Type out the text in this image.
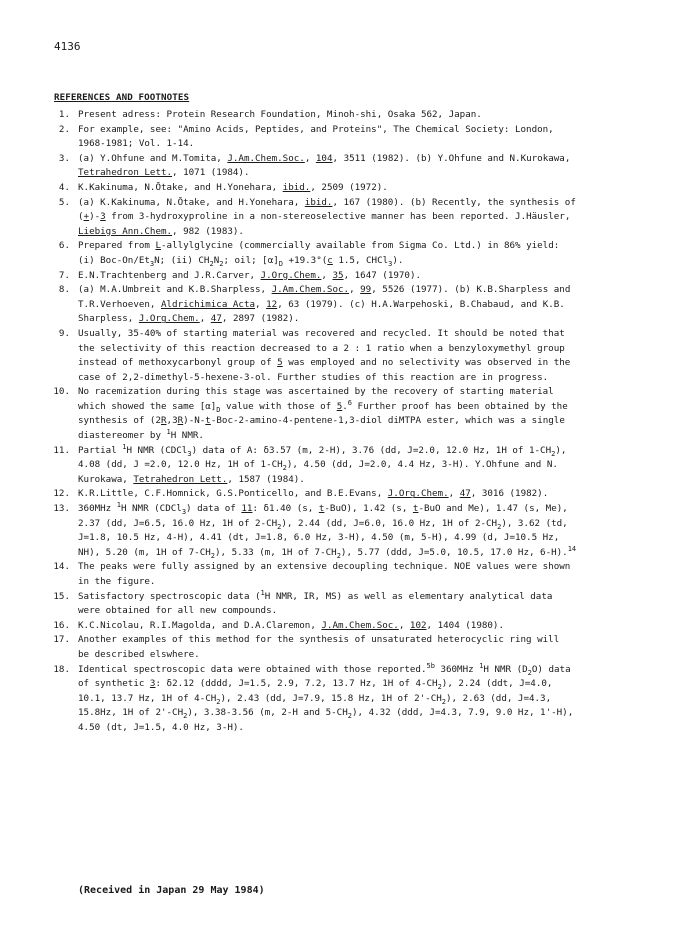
4136
REFERENCES AND FOOTNOTES
1. Present adress: Protein Research Foundation, Minoh-shi, Osaka 562, Japan.
2. For example, see: "Amino Acids, Peptides, and Proteins", The Chemical Society: London,
1968-1981; Vol. 1-14.
3. (a) Y.Ohfune and M.Tomita, J.Am.Chem.Soc., 104, 3511 (1982). (b) Y.Ohfune and N.Kurokawa,
Tetrahedron Lett., 1071 (1984).
4. K.Kakinuma, N.Ōtake, and H.Yonehara, ibid., 2509 (1972).
5. (a) K.Kakinuma, N.Ōtake, and H.Yonehara, ibid., 167 (1980). (b) Recently, the synthesis of
(+)-3 from 3-hydroxyproline in a non-stereoselective manner has been reported. J.Häusler,
Liebigs Ann.Chem., 982 (1983).
6. Prepared from L-allylglycine (commercially available from Sigma Co. Ltd.) in 86% yield:
(i) Boc-$On/Et_3N$; (ii) $CH_2N_2$; oil; $[\alpha]_D +19.3^\circ(c$ 1.5, CHCl$_3$).
7. E.N.Trachtenberg and J.R.Carver, J.Org.Chem., 35, 1647 (1970).
8. (a) M.A.Umbreit and K.B.Sharpless, J.Am.Chem.Soc., 99, 5526 (1977). (b) K.B.Sharpless and
T.R.Verhoeven, Aldrichimica Acta, 12, 63 (1979). (c) H.A.Warpehoski, B.Chabaud, and K.B.
Sharpless, J.Org.Chem., 47, 2897 (1982).
9. Usually, 35-40% of starting material was recovered and recycled. It should be noted that
the selectivity of this reaction decreased to a 2 : 1 ratio when a benzyloxymethyl group
instead of methoxycarbonyl group of 5 was employed and no selectivity was observed in the
case of 2,2-dimethyl-5-hexene-3-ol. Further studies of this reaction are in progress.
10. No racemization during this stage was ascertained by the recovery of starting material
which showed the same $[\alpha]_D$ value with those of 5.$^6$ Further proof has been obtained by the
synthesis of (2R,3R)-N-t-Boc-2-amino-4-pentene-1,3-diol diMTPA ester, which was a single
diastereomer by $^1$H NMR.
11. Partial $^1$H NMR (CDCl$_3$) data of A: δ3.57 (m, 2-H), 3.76 (dd, J=2.0, 12.0 Hz, 1H of $1-CH_2$),
4.08 (dd, J =2.0, 12.0 Hz, 1H of $1-CH_2$), 4.50 (dd, J=2.0, 4.4 Hz, 3-H). Y.Ohfune and N.
Kurokawa, Tetrahedron Lett., 1587 (1984).
12. K.R.Little, C.F.Homnick, G.S.Ponticello, and B.E.Evans, J.Org.Chem., 47, 3016 (1982).
13. 360MHz $^1$H NMR (CDCl$_3$) data of 11: δ1.40 (s, t-BuO), 1.42 (s, t-BuO and Me), 1.47 (s, Me),
2.37 (dd, J=6.5, 16.0 Hz, 1H of $2-CH_2$), 2.44 (dd, J=6.0, 16.0 Hz, 1H of $2-CH_2$), 3.62 (td,
J=1.8, 10.5 Hz, 4-H), 4.41 (dt, J=1.8, 6.0 Hz, 3-H), 4.50 (m, 5-H), 4.99 (d, J=10.5 Hz,
NH), 5.20 (m, 1H of $7-CH_2$), 5.33 (m, 1H of $7-CH_2$), 5.77 (ddd, J=5.0, 10.5, 17.0 Hz, 6-H).$^{14}$
14. The peaks were fully assigned by an extensive decoupling technique. NOE values were shown
in the figure.
15. Satisfactory spectroscopic data ($^1$H NMR, IR, MS) as well as elementary analytical data
were obtained for all new compounds.
16. K.C.Nicolau, R.I.Magolda, and D.A.Claremon, J.Am.Chem.Soc., 102, 1404 (1980).
17. Another examples of this method for the synthesis of unsaturated heterocyclic ring will
be described elswhere.
18. Identical spectroscopic data were obtained with those reported.$^{5b}$ 360MHz $^1$H NMR $(D_2O)$ data
of synthetic 3: δ2.12 (dddd, J=1.5, 2.9, 7.2, 13.7 Hz, 1H of $4-CH_2$), 2.24 (ddt, J=4.0,
10.1, 13.7 Hz, 1H of $4-CH_2$), 2.43 (dd, J=7.9, 15.8 Hz, 1H of $2'-CH_2$), 2.63 (dd, J=4.3,
15.8Hz, 1H of $2'-CH_2$), 3.38-3.56 (m, 2-H and $5-CH_2$), 4.32 (ddd, J=4.3, 7.9, 9.0 Hz, 1'-H),
4.50 (dt, J=1.5, 4.0 Hz, 3-H).
(Received in Japan 29 May 1984)
